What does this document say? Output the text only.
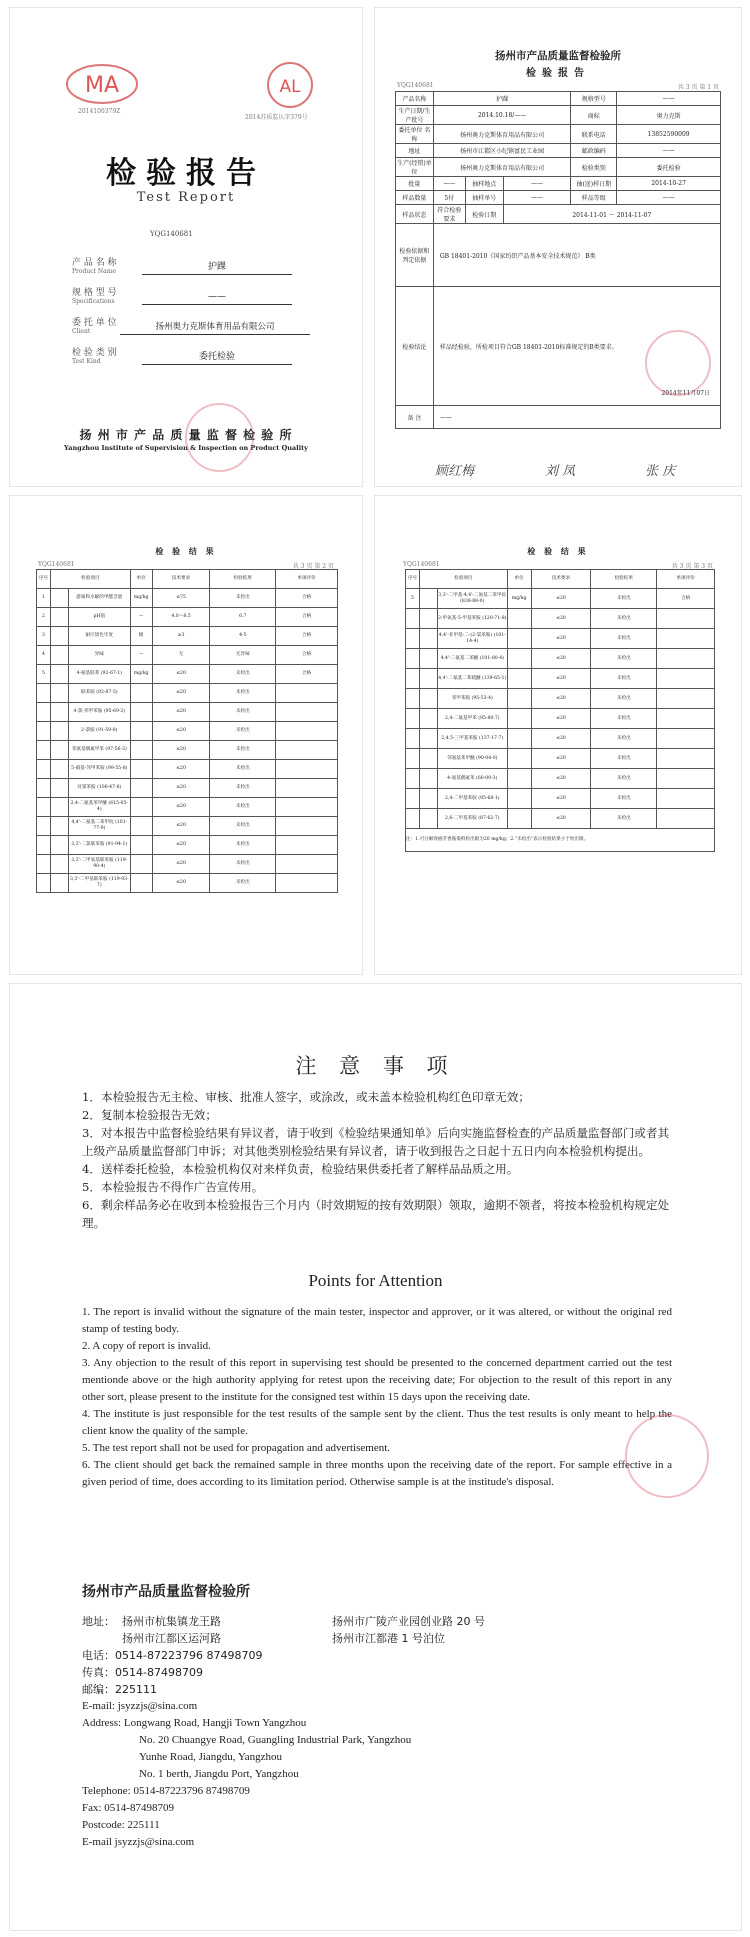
MA
2014100379Z
AL
2014苏质监认字379号
检验报告
Test Report
YQG140681
产 品 名 称
Product Name	护踝
规 格 型 号
Specifications	——
委 托 单 位
Client	扬州奥力克斯体育用品有限公司
检 验 类 别
Test Kind	委托检验
扬 州 市 产 品 质 量 监 督 检 验 所
Yangzhou Institute of Supervision & Inspection on Product Quality
扬州市产品质量监督检验所
检验报告
YQG140681	共 3 页 第 1 页
产品名称	护踝			规格型号	——
生产日期/生产批号	2014.10.18/——			商标	奥力克斯
委托单位 名称	扬州奥力克斯体育用品有限公司			联系电话	13852590009
地址	扬州市江都区小纪镇富民工业园			邮政编码	——
生产(经销)单位	扬州奥力克斯体育用品有限公司			检验类别	委托检验
批量	——	抽样地点	——	抽(送)样日期	2014-10-27
样品数量	5付	抽样单号	——	样品等级	——
样品状态	符合检验要求	检验日期	2014-11-01 ～ 2014-11-07		
检验依据和判定依据	GB 18401-2010《国家纺织产品基本安全技术规范》 B类				
检验结论	样品经检验，所检项目符合GB 18401-2010标准规定的B类要求。
2014年11月07日				

备 注	——				
顾红梅	刘 凤	张 庆
检 验 结 果
YQG140681	共 3 页 第 2 页
序号	检验项目		单位	技术要求	检验结果	单项评价
1		游离和水解的甲醛含量	mg/kg	≤75	未检出	合格
2		pH值	—	4.0～8.5	6.7	合格
3		耐汗渍色牢度	级	≥3	4-5	合格
4		异味	—	无	无异味	合格
5		4-氨基联苯 (92-67-1)	mg/kg	≤20	未检出	合格
		联苯胺 (92-87-5)		≤20	未检出	
		4-氯-邻甲苯胺 (95-69-2)		≤20	未检出	
		2-萘胺 (91-59-8)		≤20	未检出	
		邻氨基偶氮甲苯 (97-56-3)		≤20	未检出	
		5-硝基-邻甲苯胺 (99-55-8)		≤20	未检出	
		对氯苯胺 (106-47-8)		≤20	未检出	
		2,4-二氨基苯甲醚 (615-05-4)		≤20	未检出	
		4,4'-二氨基二苯甲烷 (101-77-9)		≤20	未检出	
		3,3'-二氯联苯胺 (91-94-1)		≤20	未检出	
		3,3'-二甲氧基联苯胺 (119-90-4)		≤20	未检出	
		3,3'-二甲基联苯胺 (119-93-7)		≤20	未检出	
检 验 结 果
YQG140681	共 3 页 第 3 页
序号	检验项目		单位	技术要求	检验结果	单项评价
5		3,3'-二甲基-4,4'-二氨基二苯甲烷 (838-88-0)	mg/kg	≤20	未检出	合格
		2-甲氧基-5-甲基苯胺 (120-71-8)		≤20	未检出	
		4,4'-亚甲基-二-(2-氯苯胺) (101-14-4)		≤20	未检出	
		4,4'-二氨基二苯醚 (101-80-4)		≤20	未检出	
		4,4'-二氨基二苯硫醚 (139-65-1)		≤20	未检出	
		邻甲苯胺 (95-53-4)		≤20	未检出	
		2,4-二氨基甲苯 (95-80-7)		≤20	未检出	
		2,4,5-三甲基苯胺 (137-17-7)		≤20	未检出	
		邻氨基苯甲醚 (90-04-0)		≤20	未检出	
		4-氨基偶氮苯 (60-09-3)		≤20	未检出	
		2,4-二甲基苯胺 (95-68-1)		≤20	未检出	
		2,6-二甲基苯胺 (87-62-7)		≤20	未检出	
注：1.可分解致癌芳香胺染料检出限为20 mg/kg；2.“未检出”表示检验结果小于检出限。						
注 意 事 项

1．本检验报告无主检、审核、批准人签字，或涂改，或未盖本检验机构红色印章无效；

2．复制本检验报告无效；

3．对本报告中监督检验结果有异议者，请于收到《检验结果通知单》后向实施监督检查的产品质量监督部门或者其上级产品质量监督部门申诉；对其他类别检验结果有异议者，请于收到报告之日起十五日内向本检验机构提出。

4．送样委托检验，本检验机构仅对来样负责，检验结果供委托者了解样品品质之用。

5．本检验报告不得作广告宣传用。

6．剩余样品务必在收到本检验报告三个月内（时效期短的按有效期限）领取，逾期不领者，将按本检验机构规定处理。

Points for Attention

1. The report is invalid without the signature of the main tester, inspector and approver, or it was altered, or without the original red stamp of testing body.

2. A copy of report is invalid.

3. Any objection to the result of this report in supervising test should be presented to the concerned department carried out the test mentionde above or the high authority applying for retest upon the receiving date; For objection to the result of this report in any other sort, please present to the institute for the consigned test within 15 days upon the receiving date.

4. The institute is just responsible for the test results of the sample sent by the client. Thus the test results is only meant to help the client know the quality of the sample.

5. The test report shall not be used for propagation and advertisement.

6. The client should get back the remained sample in three months upon the receiving date of the report. For sample effective in a given period of time, does according to its limitation period. Otherwise sample is at the institude's disposal.

扬州市产品质量监督检验所
地址： 扬州市杭集镇龙王路	扬州市广陵产业园创业路 20 号
扬州市江都区运河路	扬州市江都港 1 号泊位
电话：0514-87223796 87498709
传真：0514-87498709
邮编：225111
E-mail: jsyzzjs@sina.com
Address: Longwang Road, Hangji Town Yangzhou
No. 20 Chuangye Road, Guangling Industrial Park, Yangzhou
Yunhe Road, Jiangdu, Yangzhou
No. 1 berth, Jiangdu Port, Yangzhou
Telephone: 0514-87223796 87498709
Fax: 0514-87498709
Postcode: 225111
E-mail jsyzzjs@sina.com
